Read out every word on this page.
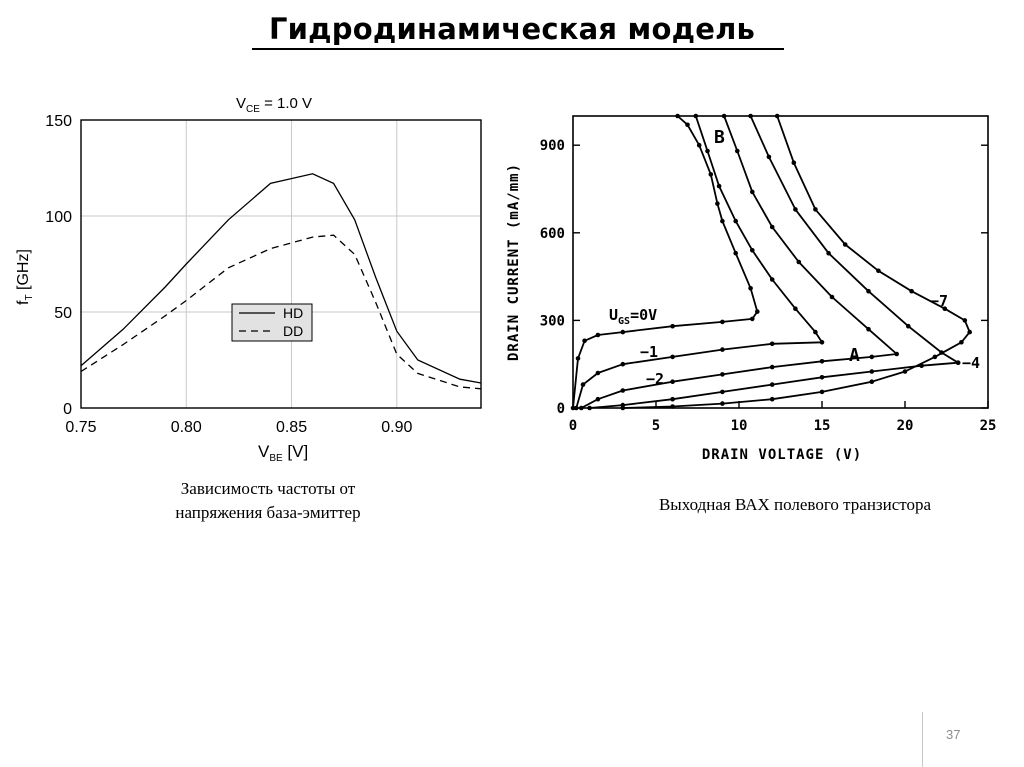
Гидродинамическая модель
$V_{CE} = 1.0$ V
0
50
100
150
0.75	0.80	0.85	0.90
$V_{BE}$ [V]
$f_T$ [GHz]
HD
DD
Зависимость частоты от
напряжения база-эмиттер
0
300
600
900
0	5	10	15	20	25
DRAIN VOLTAGE (V)
DRAIN CURRENT (mA/mm)	$U_{GS}=0V$
−1
−2
−4
−7
A
B
Выходная ВАХ полевого транзистора
37
